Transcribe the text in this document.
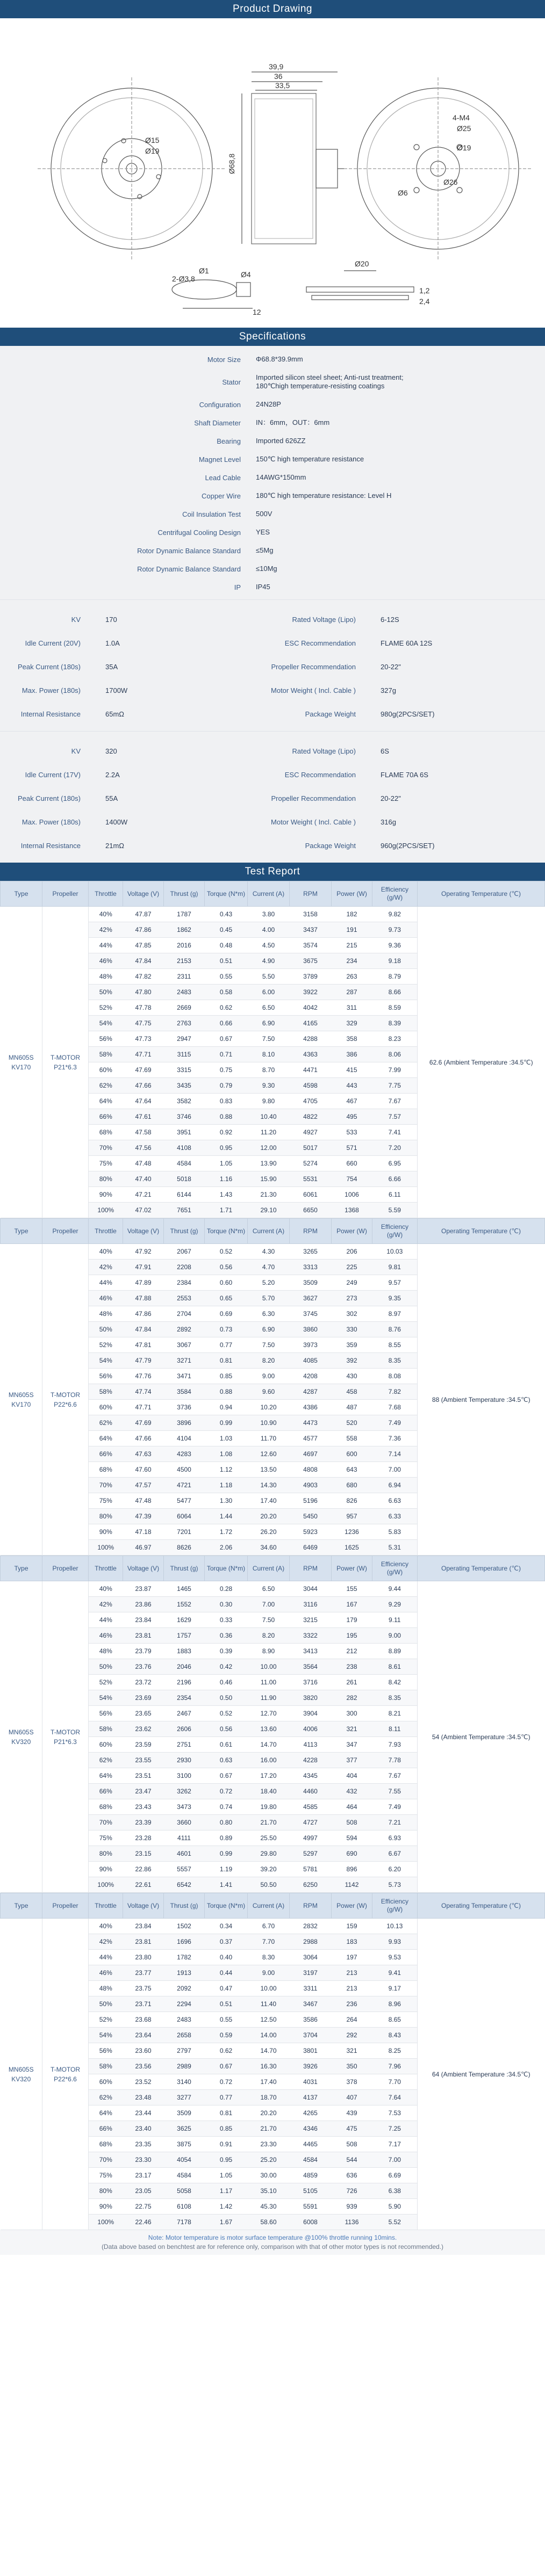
Product Drawing
39,9
36
33,5
Ø68,8
Ø15
Ø19
4-M4
Ø25
Ø19
Ø6
Ø26
2-Ø3,8
Ø1	Ø4
12
Ø20
1,2
2,4
Specifications
Motor Size	Φ68.8*39.9mm
Stator
Imported silicon steel sheet; Anti-rust treatment;
180℃high temperature-resisting coatings
Configuration	24N28P
Shaft Diameter	IN：6mm，OUT：6mm
Bearing	Imported 626ZZ
Magnet Level	150℃ high temperature resistance
Lead Cable	14AWG*150mm
Copper Wire	180℃ high temperature resistance: Level H
Coil Insulation Test	500V
Centrifugal Cooling Design	YES
Rotor Dynamic Balance Standard	≤5Mg
Rotor Dynamic Balance Standard	≤10Mg
IP	IP45
KV	170	Rated Voltage (Lipo)	6-12S
Idle Current (20V)	1.0A	ESC Recommendation	FLAME 60A 12S
Peak Current (180s)	35A	Propeller Recommendation	20-22"
Max. Power (180s)	1700W	Motor Weight ( Incl. Cable )	327g
Internal Resistance	65mΩ	Package Weight	980g(2PCS/SET)
KV	320	Rated Voltage (Lipo)	6S
Idle Current (17V)	2.2A	ESC Recommendation	FLAME 70A 6S
Peak Current (180s)	55A	Propeller Recommendation	20-22"
Max. Power (180s)	1400W	Motor Weight ( Incl. Cable )	316g
Internal Resistance	21mΩ	Package Weight	960g(2PCS/SET)
Test Report
Type	Propeller	Throttle	Voltage (V)	Thrust (g)	Torque (N*m)	Current (A)	RPM	Power (W)	Efficiency (g/W)	Operating Temperature (℃)
MN605S KV170	T-MOTOR P21*6.3	40%	47.87	1787	0.43	3.80	3158	182	9.82	62.6 (Ambient Temperature :34.5℃)
		42%	47.86	1862	0.45	4.00	3437	191	9.73	
		44%	47.85	2016	0.48	4.50	3574	215	9.36	
		46%	47.84	2153	0.51	4.90	3675	234	9.18	
		48%	47.82	2311	0.55	5.50	3789	263	8.79	
		50%	47.80	2483	0.58	6.00	3922	287	8.66	
		52%	47.78	2669	0.62	6.50	4042	311	8.59	
		54%	47.75	2763	0.66	6.90	4165	329	8.39	
		56%	47.73	2947	0.67	7.50	4288	358	8.23	
		58%	47.71	3115	0.71	8.10	4363	386	8.06	
		60%	47.69	3315	0.75	8.70	4471	415	7.99	
		62%	47.66	3435	0.79	9.30	4598	443	7.75	
		64%	47.64	3582	0.83	9.80	4705	467	7.67	
		66%	47.61	3746	0.88	10.40	4822	495	7.57	
		68%	47.58	3951	0.92	11.20	4927	533	7.41	
		70%	47.56	4108	0.95	12.00	5017	571	7.20	
		75%	47.48	4584	1.05	13.90	5274	660	6.95	
		80%	47.40	5018	1.16	15.90	5531	754	6.66	
		90%	47.21	6144	1.43	21.30	6061	1006	6.11	
		100%	47.02	7651	1.71	29.10	6650	1368	5.59	
Type	Propeller	Throttle	Voltage (V)	Thrust (g)	Torque (N*m)	Current (A)	RPM	Power (W)	Efficiency (g/W)	Operating Temperature (℃)
MN605S KV170	T-MOTOR P22*6.6	40%	47.92	2067	0.52	4.30	3265	206	10.03	88 (Ambient Temperature :34.5℃)
		42%	47.91	2208	0.56	4.70	3313	225	9.81	
		44%	47.89	2384	0.60	5.20	3509	249	9.57	
		46%	47.88	2553	0.65	5.70	3627	273	9.35	
		48%	47.86	2704	0.69	6.30	3745	302	8.97	
		50%	47.84	2892	0.73	6.90	3860	330	8.76	
		52%	47.81	3067	0.77	7.50	3973	359	8.55	
		54%	47.79	3271	0.81	8.20	4085	392	8.35	
		56%	47.76	3471	0.85	9.00	4208	430	8.08	
		58%	47.74	3584	0.88	9.60	4287	458	7.82	
		60%	47.71	3736	0.94	10.20	4386	487	7.68	
		62%	47.69	3896	0.99	10.90	4473	520	7.49	
		64%	47.66	4104	1.03	11.70	4577	558	7.36	
		66%	47.63	4283	1.08	12.60	4697	600	7.14	
		68%	47.60	4500	1.12	13.50	4808	643	7.00	
		70%	47.57	4721	1.18	14.30	4903	680	6.94	
		75%	47.48	5477	1.30	17.40	5196	826	6.63	
		80%	47.39	6064	1.44	20.20	5450	957	6.33	
		90%	47.18	7201	1.72	26.20	5923	1236	5.83	
		100%	46.97	8626	2.06	34.60	6469	1625	5.31	
Type	Propeller	Throttle	Voltage (V)	Thrust (g)	Torque (N*m)	Current (A)	RPM	Power (W)	Efficiency (g/W)	Operating Temperature (℃)
MN605S KV320	T-MOTOR P21*6.3	40%	23.87	1465	0.28	6.50	3044	155	9.44	54 (Ambient Temperature :34.5℃)
		42%	23.86	1552	0.30	7.00	3116	167	9.29	
		44%	23.84	1629	0.33	7.50	3215	179	9.11	
		46%	23.81	1757	0.36	8.20	3322	195	9.00	
		48%	23.79	1883	0.39	8.90	3413	212	8.89	
		50%	23.76	2046	0.42	10.00	3564	238	8.61	
		52%	23.72	2196	0.46	11.00	3716	261	8.42	
		54%	23.69	2354	0.50	11.90	3820	282	8.35	
		56%	23.65	2467	0.52	12.70	3904	300	8.21	
		58%	23.62	2606	0.56	13.60	4006	321	8.11	
		60%	23.59	2751	0.61	14.70	4113	347	7.93	
		62%	23.55	2930	0.63	16.00	4228	377	7.78	
		64%	23.51	3100	0.67	17.20	4345	404	7.67	
		66%	23.47	3262	0.72	18.40	4460	432	7.55	
		68%	23.43	3473	0.74	19.80	4585	464	7.49	
		70%	23.39	3660	0.80	21.70	4727	508	7.21	
		75%	23.28	4111	0.89	25.50	4997	594	6.93	
		80%	23.15	4601	0.99	29.80	5297	690	6.67	
		90%	22.86	5557	1.19	39.20	5781	896	6.20	
		100%	22.61	6542	1.41	50.50	6250	1142	5.73	
Type	Propeller	Throttle	Voltage (V)	Thrust (g)	Torque (N*m)	Current (A)	RPM	Power (W)	Efficiency (g/W)	Operating Temperature (℃)
MN605S KV320	T-MOTOR P22*6.6	40%	23.84	1502	0.34	6.70	2832	159	10.13	64 (Ambient Temperature :34.5℃)
		42%	23.81	1696	0.37	7.70	2988	183	9.93	
		44%	23.80	1782	0.40	8.30	3064	197	9.53	
		46%	23.77	1913	0.44	9.00	3197	213	9.41	
		48%	23.75	2092	0.47	10.00	3311	213	9.17	
		50%	23.71	2294	0.51	11.40	3467	236	8.96	
		52%	23.68	2483	0.55	12.50	3586	264	8.65	
		54%	23.64	2658	0.59	14.00	3704	292	8.43	
		56%	23.60	2797	0.62	14.70	3801	321	8.25	
		58%	23.56	2989	0.67	16.30	3926	350	7.96	
		60%	23.52	3140	0.72	17.40	4031	378	7.70	
		62%	23.48	3277	0.77	18.70	4137	407	7.64	
		64%	23.44	3509	0.81	20.20	4265	439	7.53	
		66%	23.40	3625	0.85	21.70	4346	475	7.25	
		68%	23.35	3875	0.91	23.30	4465	508	7.17	
		70%	23.30	4054	0.95	25.20	4584	544	7.00	
		75%	23.17	4584	1.05	30.00	4859	636	6.69	
		80%	23.05	5058	1.17	35.10	5105	726	6.38	
		90%	22.75	6108	1.42	45.30	5591	939	5.90	
		100%	22.46	7178	1.67	58.60	6008	1136	5.52	
Note: Motor temperature is motor surface temperature @100% throttle running 10mins.
(Data above based on benchtest are for reference only, comparison with that of other motor types is not recommended.)
